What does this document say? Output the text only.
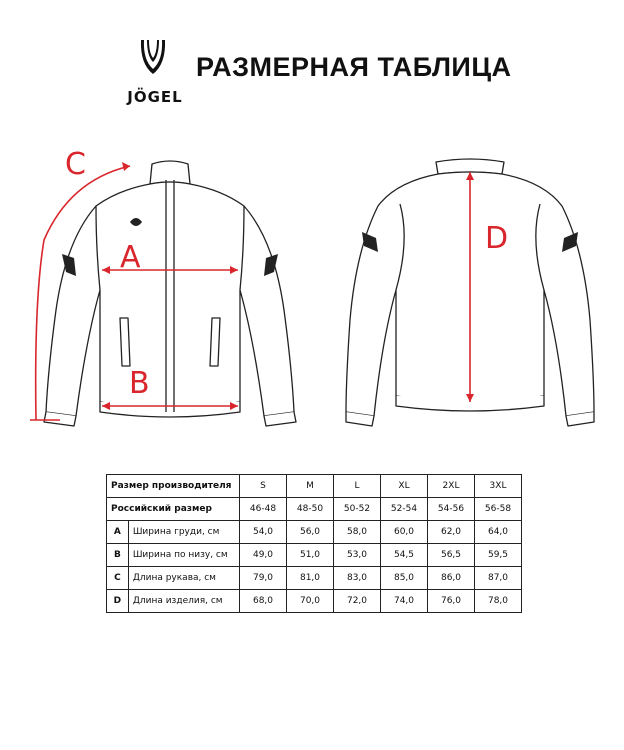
JÖGEL
РАЗМЕРНАЯ ТАБЛИЦА
A
B
C
D
Размер производителя		S	M	L	XL	2XL	3XL
Российский размер		46-48	48-50	50-52	52-54	54-56	56-58
A	Ширина груди, см	54,0	56,0	58,0	60,0	62,0	64,0
B	Ширина по низу, см	49,0	51,0	53,0	54,5	56,5	59,5
C	Длина рукава, см	79,0	81,0	83,0	85,0	86,0	87,0
D	Длина изделия, см	68,0	70,0	72,0	74,0	76,0	78,0
